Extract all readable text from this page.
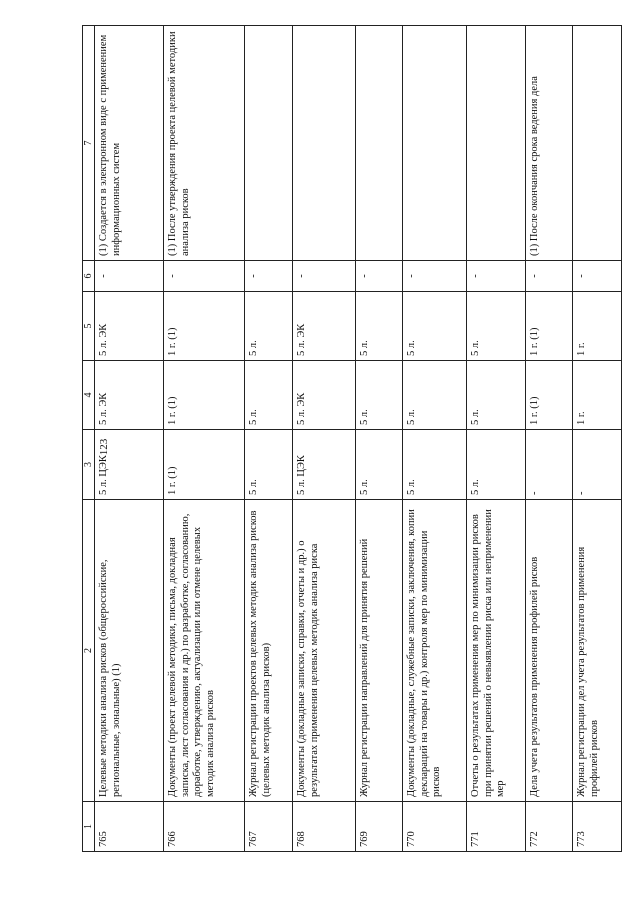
123
1	2	3	4	5	6	7
765	Целевые методики анализа рисков (общероссийские, региональные, зональные) (1)	5 л. ЦЭК	5 л. ЭК	5 л. ЭК	-	(1) Создается в электронном виде с применением информационных систем
766	Документы (проект целевой методики, письма, докладная записка, лист согласования и др.) по разработке, согласованию, доработке, утверждению, актуализации или отмене целевых методик анализа рисков	1 г. (1)	1 г. (1)	1 г. (1)	-	(1) После утверждения проекта целевой методики анализа рисков
767	Журнал регистрации проектов целевых методик анализа рисков (целевых методик анализа рисков)	5 л.	5 л.	5 л.	-	
768	Документы (докладные записки, справки, отчеты и др.) о результатах применения целевых методик анализа риска	5 л. ЦЭК	5 л. ЭК	5 л. ЭК	-	
769	Журнал регистрации направлений для принятия решений	5 л.	5 л.	5 л.	-	
770	Документы (докладные, служебные записки, заключения, копии деклараций на товары и др.) контроля мер по минимизации рисков	5 л.	5 л.	5 л.	-	
771	Отчеты о результатах применения мер по минимизации рисков при принятии решений о невыявлении риска или неприменении мер	5 л.	5 л.	5 л.	-	
772	Дела учета результатов применения профилей рисков	-	1 г. (1)	1 г. (1)	-	(1) После окончания срока ведения дела
773	Журнал регистрации дел учета результатов применения профилей рисков	-	1 г.	1 г.	-	
